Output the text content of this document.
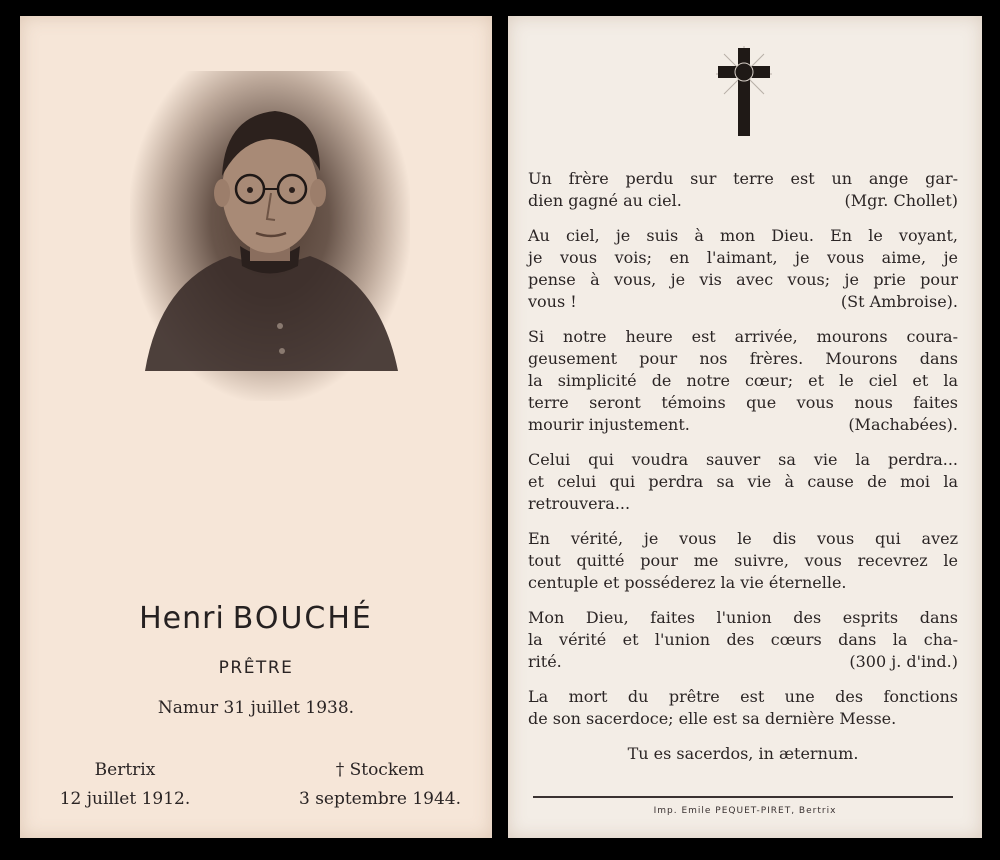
Henri BOUCHÉ
PRÊTRE
Namur 31 juillet 1938.
Bertrix
12 juillet 1912.
† Stockem
3 septembre 1944.
Un frère perdu sur terre est un ange gar-
dien gagné au ciel.	(Mgr. Chollet)
Au ciel, je suis à mon Dieu. En le voyant,
je vous vois; en l'aimant, je vous aime, je
pense à vous, je vis avec vous; je prie pour
vous !	(St Ambroise).
Si notre heure est arrivée, mourons coura-
geusement pour nos frères. Mourons dans
la simplicité de notre cœur; et le ciel et la
terre seront témoins que vous nous faites
mourir injustement.	(Machabées).
Celui qui voudra sauver sa vie la perdra...
et celui qui perdra sa vie à cause de moi la
retrouvera...
En vérité, je vous le dis vous qui avez
tout quitté pour me suivre, vous recevrez le
centuple et posséderez la vie éternelle.
Mon Dieu, faites l'union des esprits dans
la vérité et l'union des cœurs dans la cha-
rité.	(300 j. d'ind.)
La mort du prêtre est une des fonctions
de son sacerdoce; elle est sa dernière Messe.
Tu es sacerdos, in æternum.
Imp. Emile PEQUET-PIRET, Bertrix
